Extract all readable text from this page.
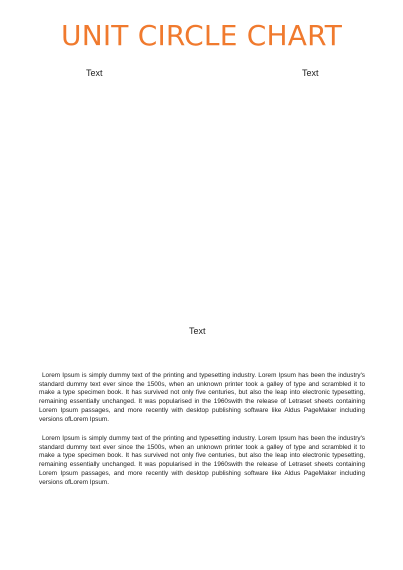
UNIT CIRCLE CHART
Text	Text
Text

Lorem Ipsum is simply dummy text of the printing and typesetting industry. Lorem Ipsum has been the industry's standard dummy text ever since the 1500s, when an unknown printer took a galley of type and scrambled it to make a type specimen book. It has survived not only five centuries, but also the leap into electronic typesetting, remaining essentially unchanged. It was popularised in the 1960swith the release of Letraset sheets containing Lorem Ipsum passages, and more recently with desktop publishing software like Aldus PageMaker including versions ofLorem Ipsum.

Lorem Ipsum is simply dummy text of the printing and typesetting industry. Lorem Ipsum has been the industry's standard dummy text ever since the 1500s, when an unknown printer took a galley of type and scrambled it to make a type specimen book. It has survived not only five centuries, but also the leap into electronic typesetting, remaining essentially unchanged. It was popularised in the 1960swith the release of Letraset sheets containing Lorem Ipsum passages, and more recently with desktop publishing software like Aldus PageMaker including versions ofLorem Ipsum.
